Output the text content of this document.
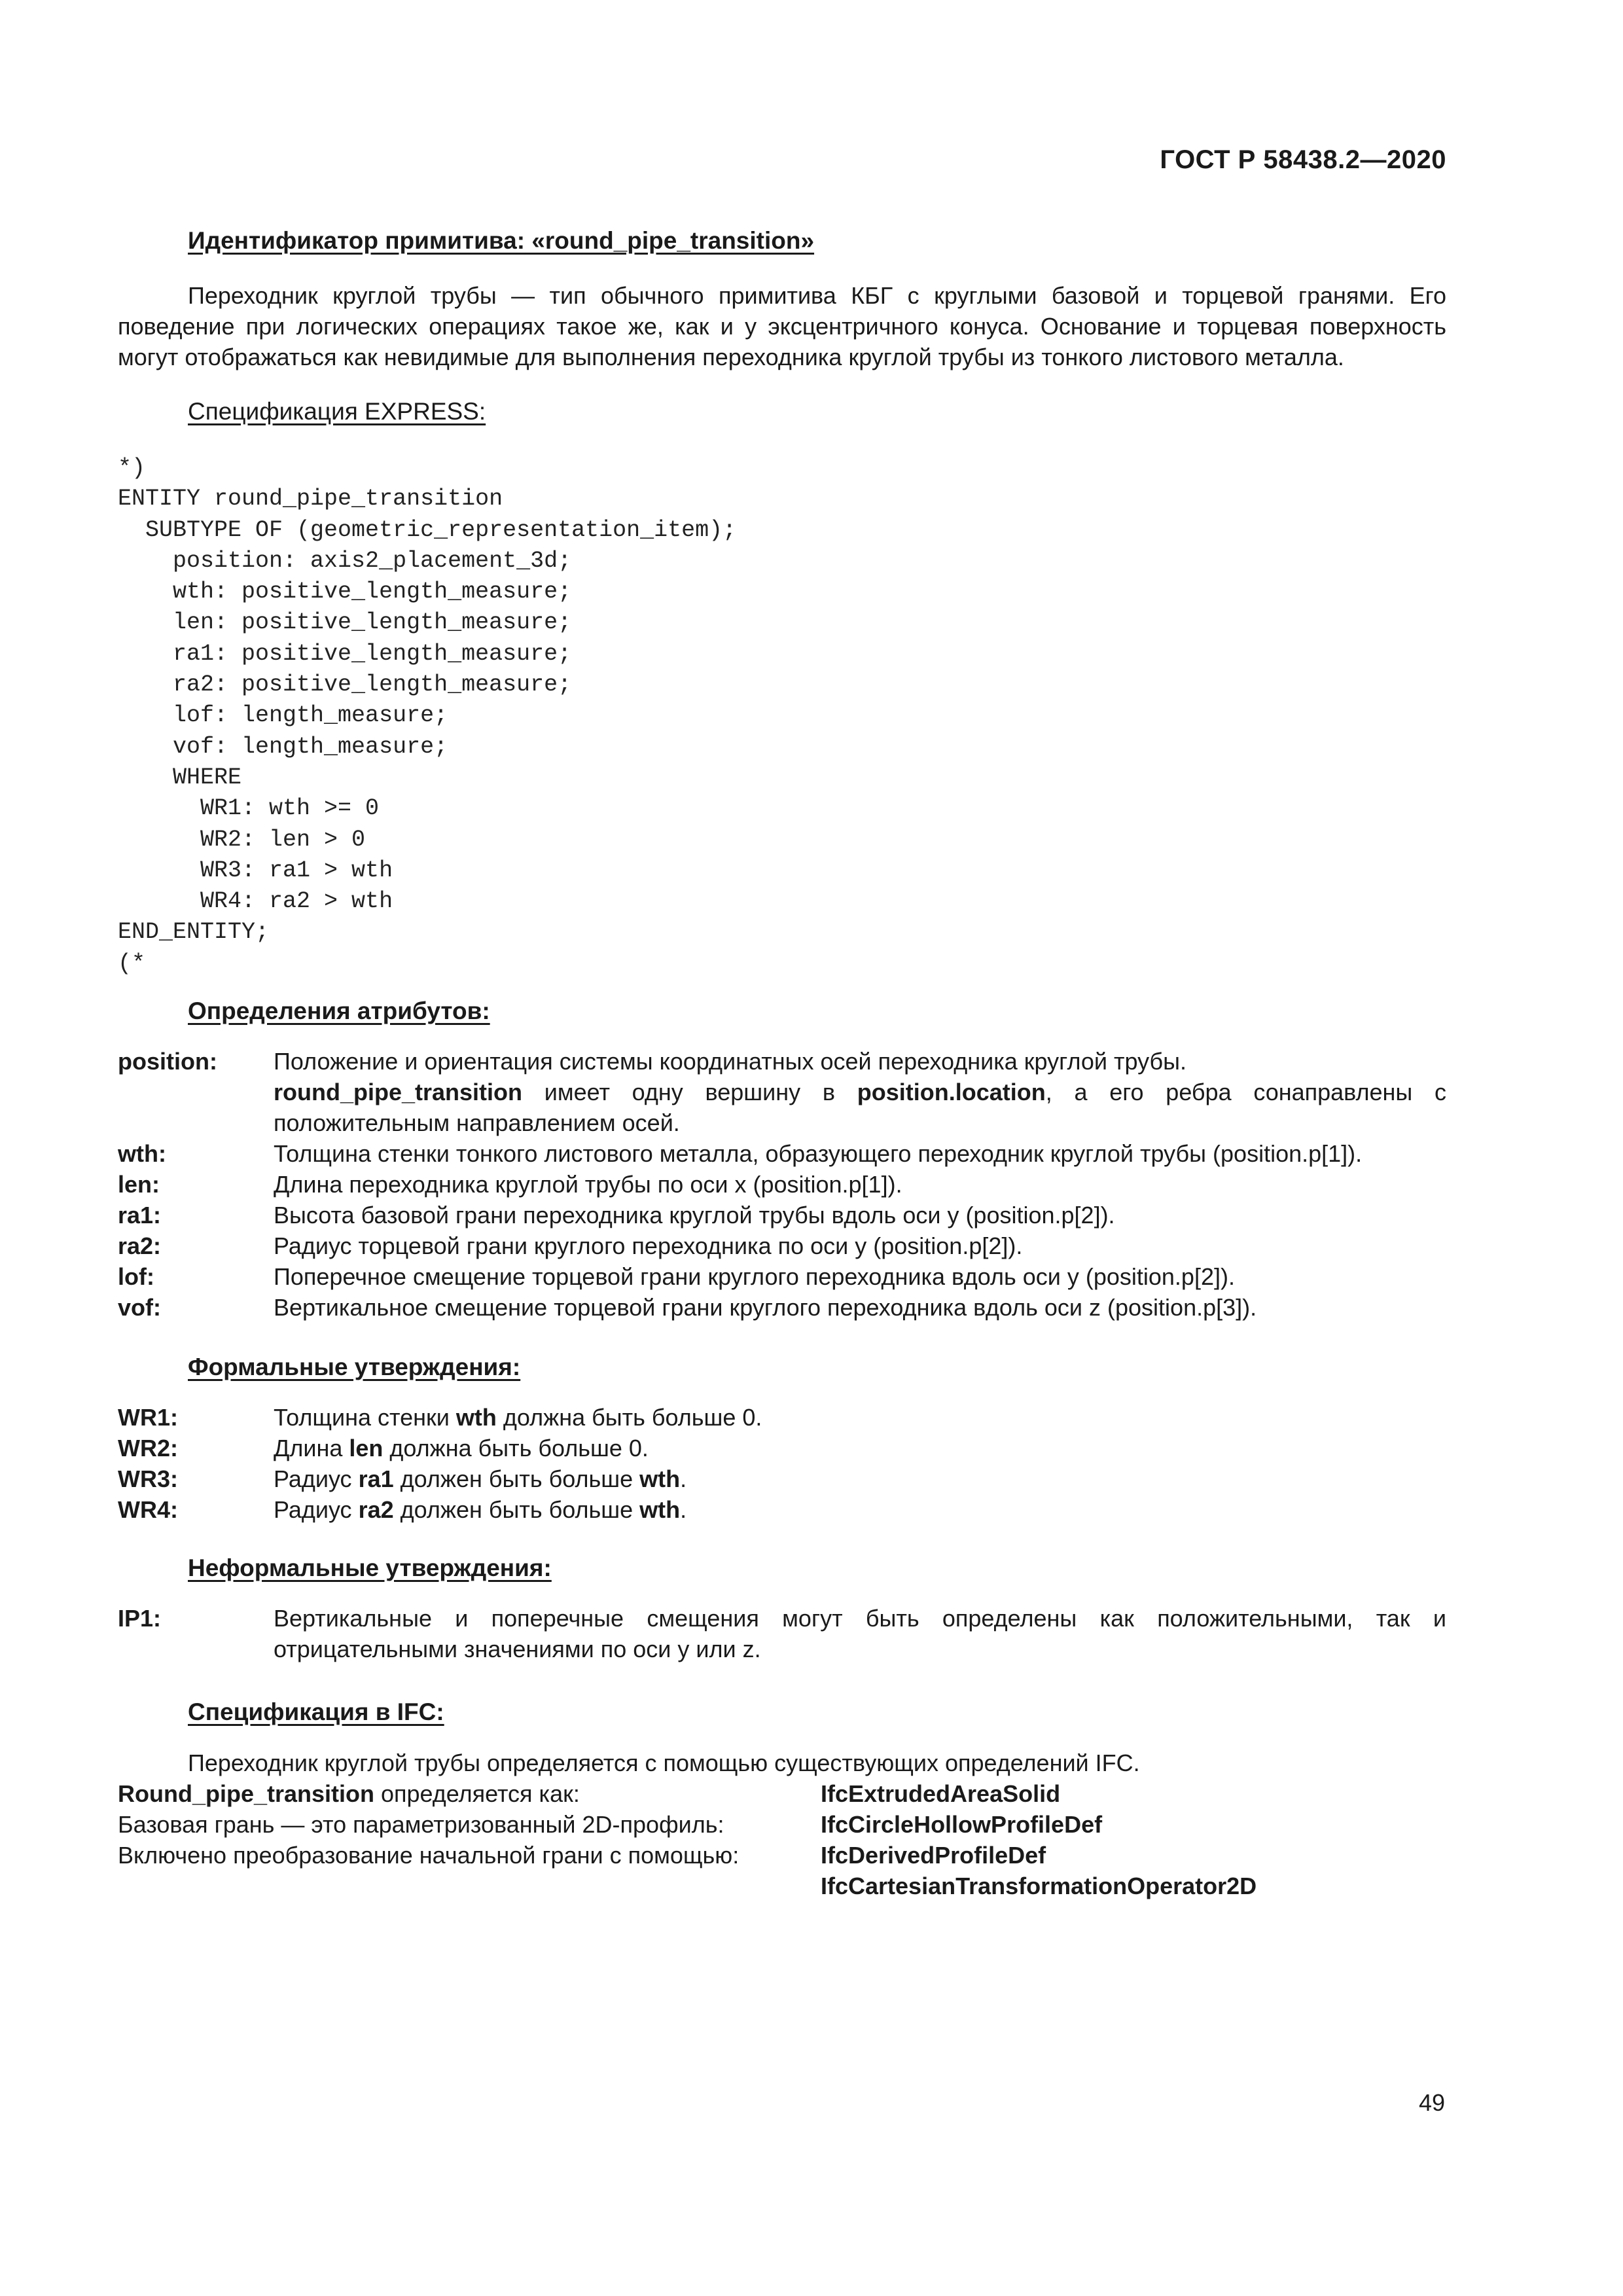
ГОСТ Р 58438.2—2020
Идентификатор примитива: «round_pipe_transition»
Переходник круглой трубы — тип обычного примитива КБГ с круглыми базовой и торцевой гранями. Его поведение при логических операциях такое же, как и у эксцентричного конуса. Основание и торцевая поверхность могут отображаться как невидимые для выполнения переходника круглой трубы из тонкого листового металла.
Спецификация EXPRESS:
*)
ENTITY round_pipe_transition
SUBTYPE OF (geometric_representation_item);
position: axis2_placement_3d;
wth: positive_length_measure;
len: positive_length_measure;
ra1: positive_length_measure;
ra2: positive_length_measure;
lof: length_measure;
vof: length_measure;
WHERE
WR1: wth >= 0
WR2: len > 0
WR3: ra1 > wth
WR4: ra2 > wth
END_ENTITY;
(*
Определения атрибутов:
position:	Положение и ориентация системы координатных осей переходника круглой трубы.
round_pipe_transition имеет одну вершину в position.location, а его ребра сонаправлены с положительным направлением осей.
wth:	Толщина стенки тонкого листового металла, образующего переходник круглой трубы (position.p[1]).
len:	Длина переходника круглой трубы по оси x (position.p[1]).
ra1:	Высота базовой грани переходника круглой трубы вдоль оси y (position.p[2]).
ra2:	Радиус торцевой грани круглого переходника по оси y (position.p[2]).
lof:	Поперечное смещение торцевой грани круглого переходника вдоль оси y (position.p[2]).
vof:	Вертикальное смещение торцевой грани круглого переходника вдоль оси z (position.p[3]).
Формальные утверждения:
WR1:	Толщина стенки wth должна быть больше 0.
WR2:	Длина len должна быть больше 0.
WR3:	Радиус ra1 должен быть больше wth.
WR4:	Радиус ra2 должен быть больше wth.
Неформальные утверждения:
IP1:	Вертикальные и поперечные смещения могут быть определены как положительными, так и отрицательными значениями по оси y или z.
Спецификация в IFC:
Переходник круглой трубы определяется с помощью существующих определений IFC.
Round_pipe_transition определяется как:	IfcExtrudedAreaSolid
Базовая грань — это параметризованный 2D-профиль:	IfcCircleHollowProfileDef
Включено преобразование начальной грани с помощью:	IfcDerivedProfileDef
IfcCartesianTransformationOperator2D
49
